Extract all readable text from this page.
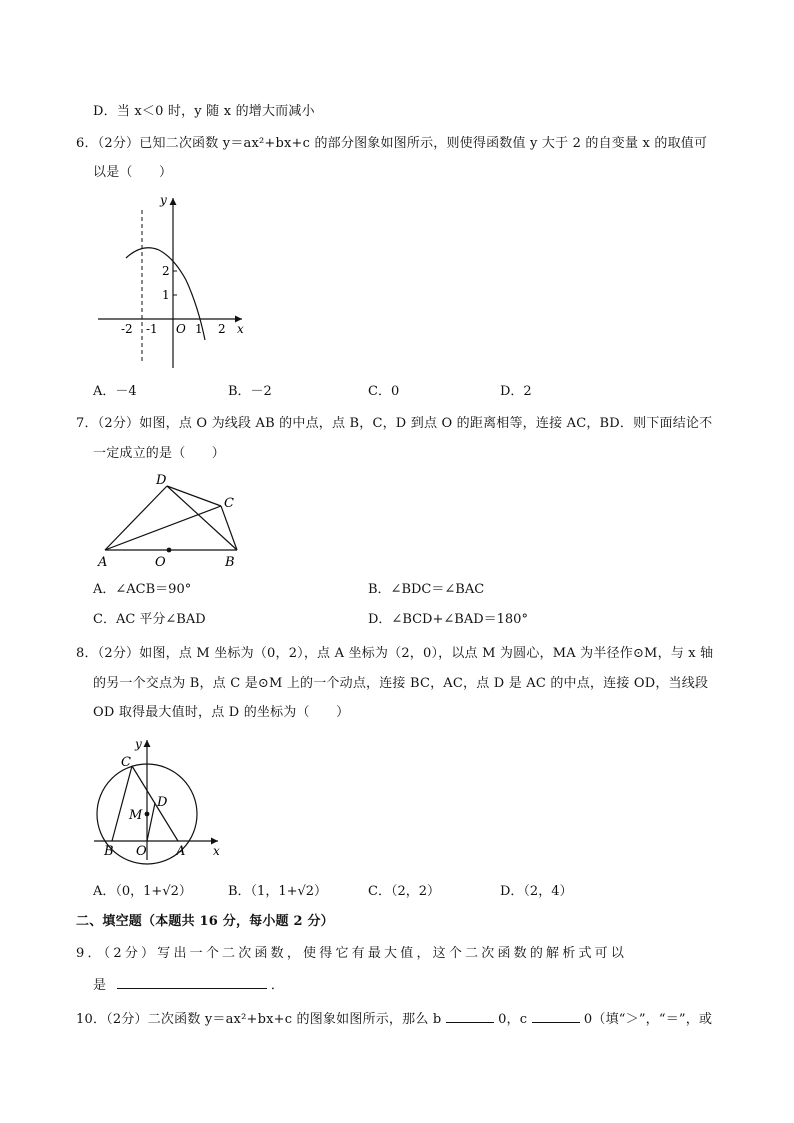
D．当 x＜0 时，y 随 x 的增大而减小
6．（2分）已知二次函数 y＝ax²+bx+c 的部分图象如图所示，则使得函数值 y 大于 2 的自变量 x 的取值可
以是（　　）
y
x
O
-2 -1	1 2
1
2
A．－4	B．－2	C．0	D．2
7．（2分）如图，点 O 为线段 AB 的中点，点 B，C，D 到点 O 的距离相等，连接 AC，BD．则下面结论不
一定成立的是（　　）
D
C
A	O	B
A．∠ACB＝90°	B．∠BDC＝∠BAC
C．AC 平分∠BAD	D．∠BCD+∠BAD＝180°
8．（2分）如图，点 M 坐标为（0，2），点 A 坐标为（2，0），以点 M 为圆心，MA 为半径作⊙M，与 x 轴
的另一个交点为 B，点 C 是⊙M 上的一个动点，连接 BC，AC，点 D 是 AC 的中点，连接 OD，当线段
OD 取得最大值时，点 D 的坐标为（　　）
y
x
C
D
M
B O A
A．（0，1+√2）	B．（1，1+√2）	C．（2，2）	D．（2，4）
二、填空题（本题共 16 分，每小题 2 分）
9．（2分）写出一个二次函数，使得它有最大值，这个二次函数的解析式可以
是	．
10．（2分）二次函数 y＝ax²+bx+c 的图象如图所示，那么 b	0，c	0（填“＞”，“＝”，或
